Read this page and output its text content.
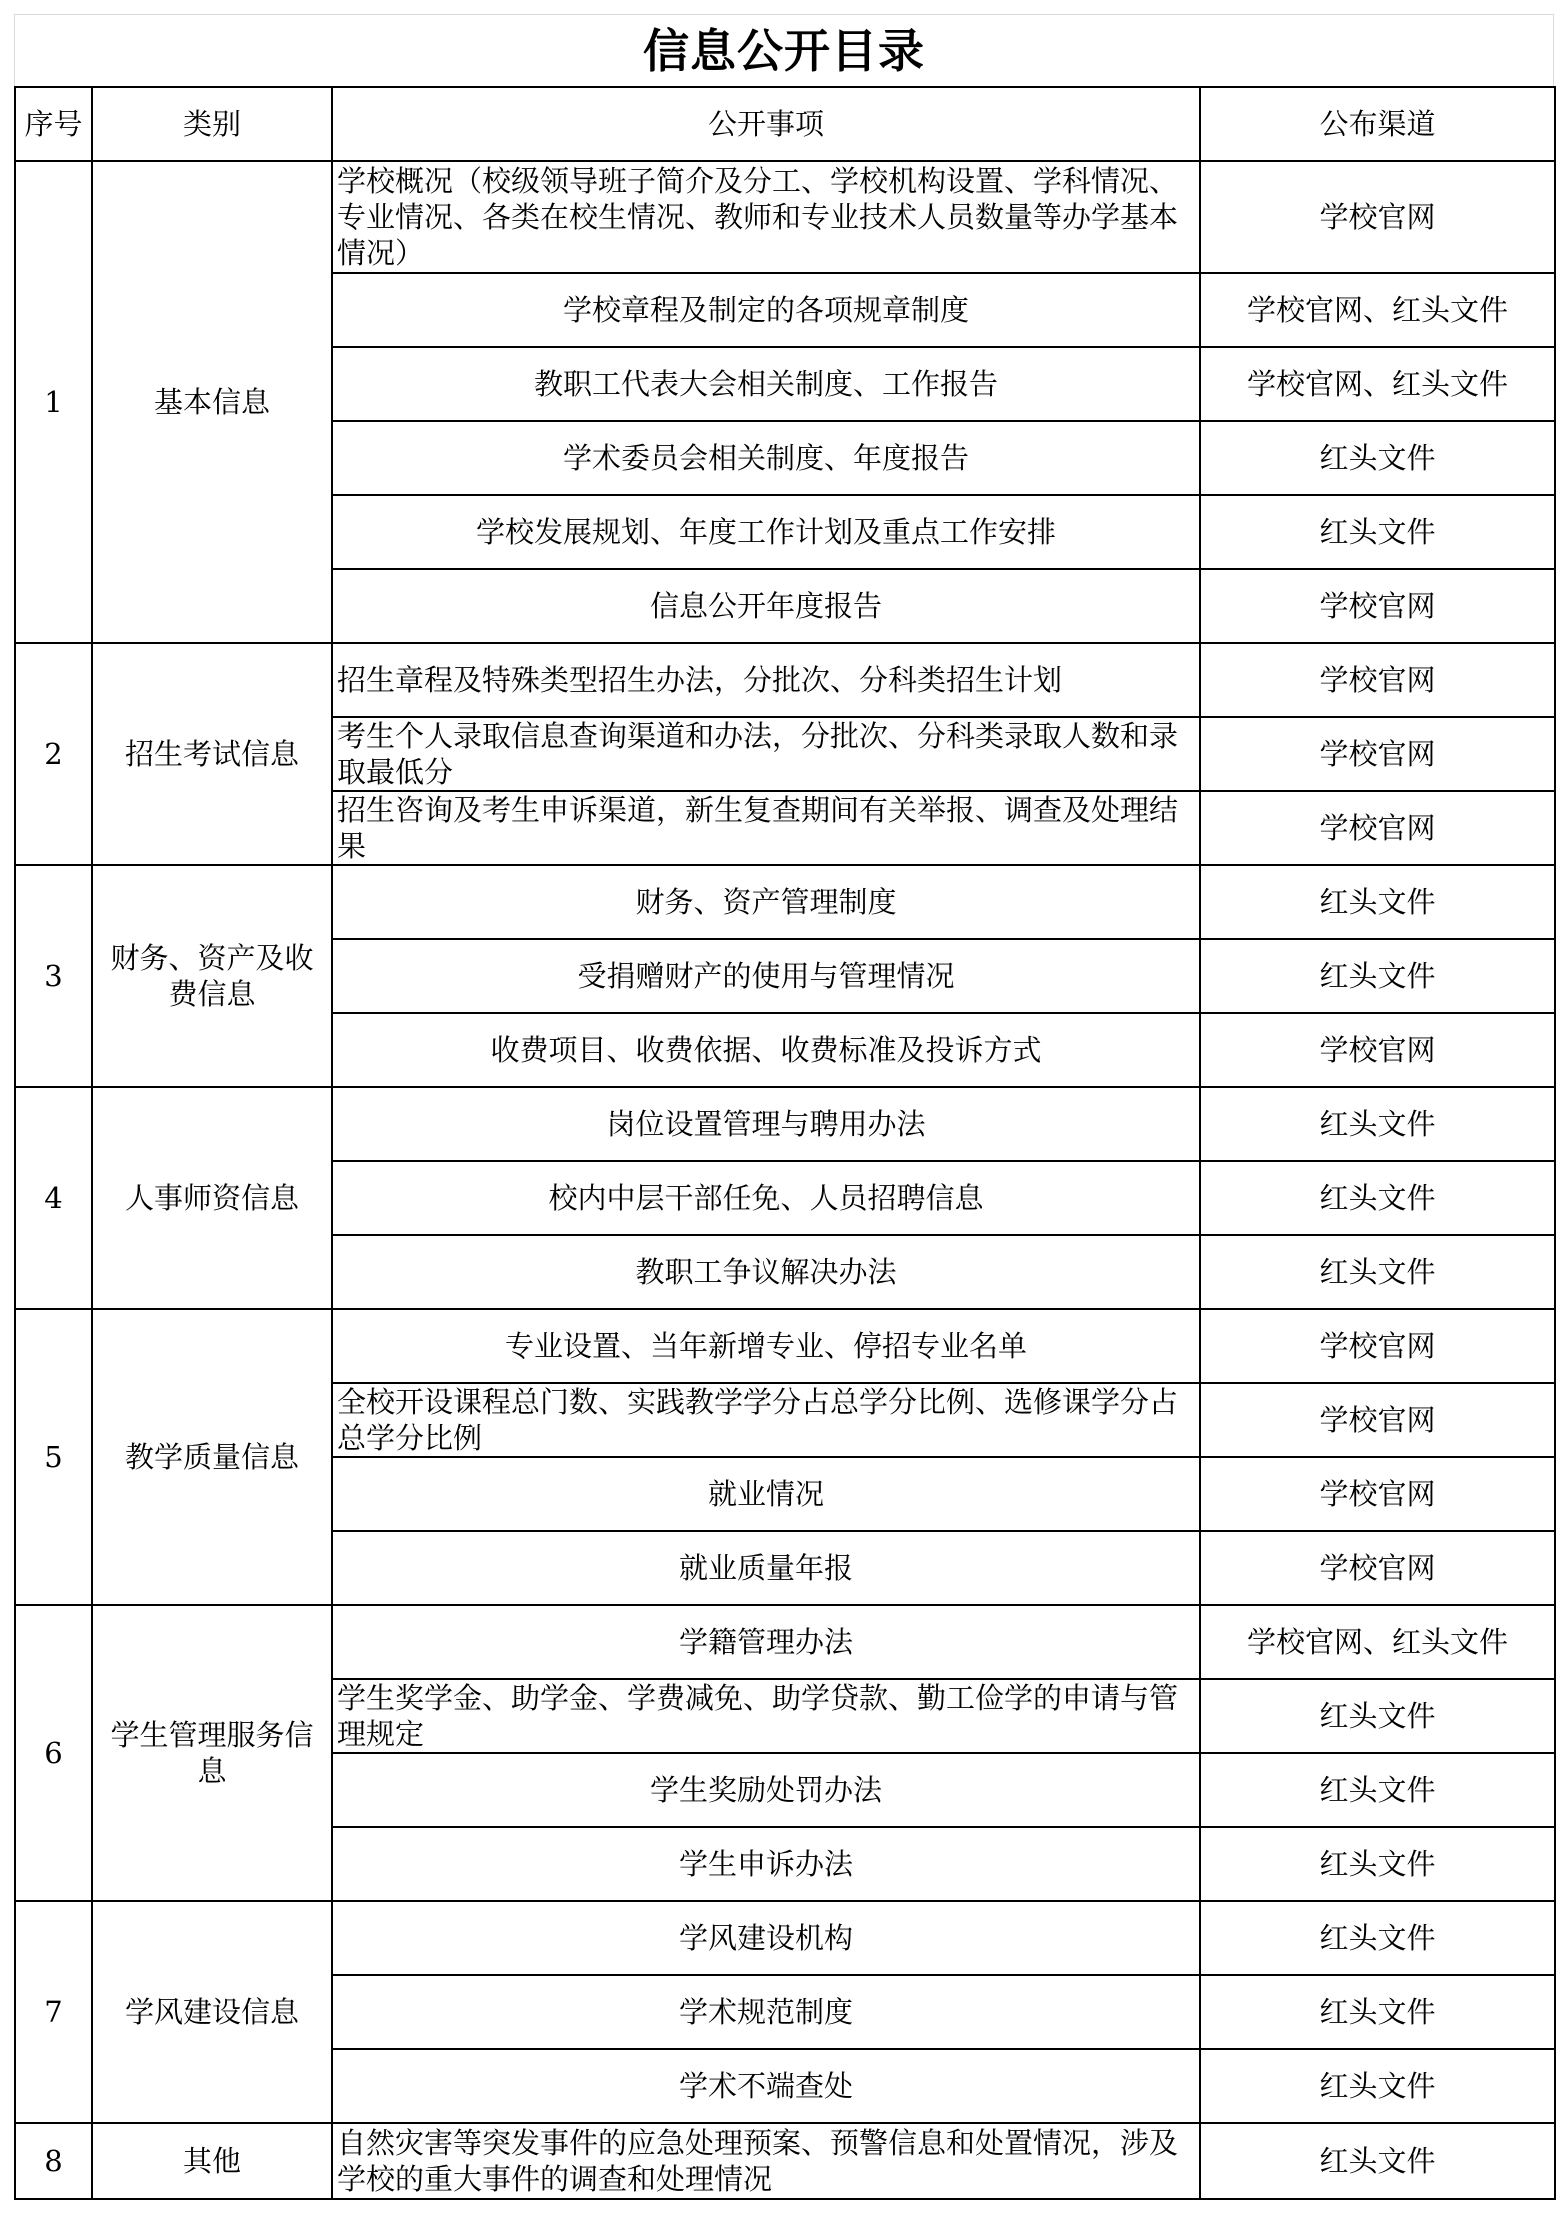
信息公开目录
序号	类别	公开事项	公布渠道
1	基本信息	学校概况（校级领导班子简介及分工、学校机构设置、学科情况、专业情况、各类在校生情况、教师和专业技术人员数量等办学基本情况）	学校官网
		学校章程及制定的各项规章制度	学校官网、红头文件
		教职工代表大会相关制度、工作报告	学校官网、红头文件
		学术委员会相关制度、年度报告	红头文件
		学校发展规划、年度工作计划及重点工作安排	红头文件
		信息公开年度报告	学校官网
2	招生考试信息	招生章程及特殊类型招生办法，分批次、分科类招生计划	学校官网
		考生个人录取信息查询渠道和办法，分批次、分科类录取人数和录取最低分	学校官网
		招生咨询及考生申诉渠道，新生复查期间有关举报、调查及处理结果	学校官网
3	财务、资产及收费信息	财务、资产管理制度	红头文件
		受捐赠财产的使用与管理情况	红头文件
		收费项目、收费依据、收费标准及投诉方式	学校官网
4	人事师资信息	岗位设置管理与聘用办法	红头文件
		校内中层干部任免、人员招聘信息	红头文件
		教职工争议解决办法	红头文件
5	教学质量信息	专业设置、当年新增专业、停招专业名单	学校官网
		全校开设课程总门数、实践教学学分占总学分比例、选修课学分占总学分比例	学校官网
		就业情况	学校官网
		就业质量年报	学校官网
6	学生管理服务信息	学籍管理办法	学校官网、红头文件
		学生奖学金、助学金、学费减免、助学贷款、勤工俭学的申请与管理规定	红头文件
		学生奖励处罚办法	红头文件
		学生申诉办法	红头文件
7	学风建设信息	学风建设机构	红头文件
		学术规范制度	红头文件
		学术不端查处	红头文件
8	其他	自然灾害等突发事件的应急处理预案、预警信息和处置情况，涉及学校的重大事件的调查和处理情况	红头文件
